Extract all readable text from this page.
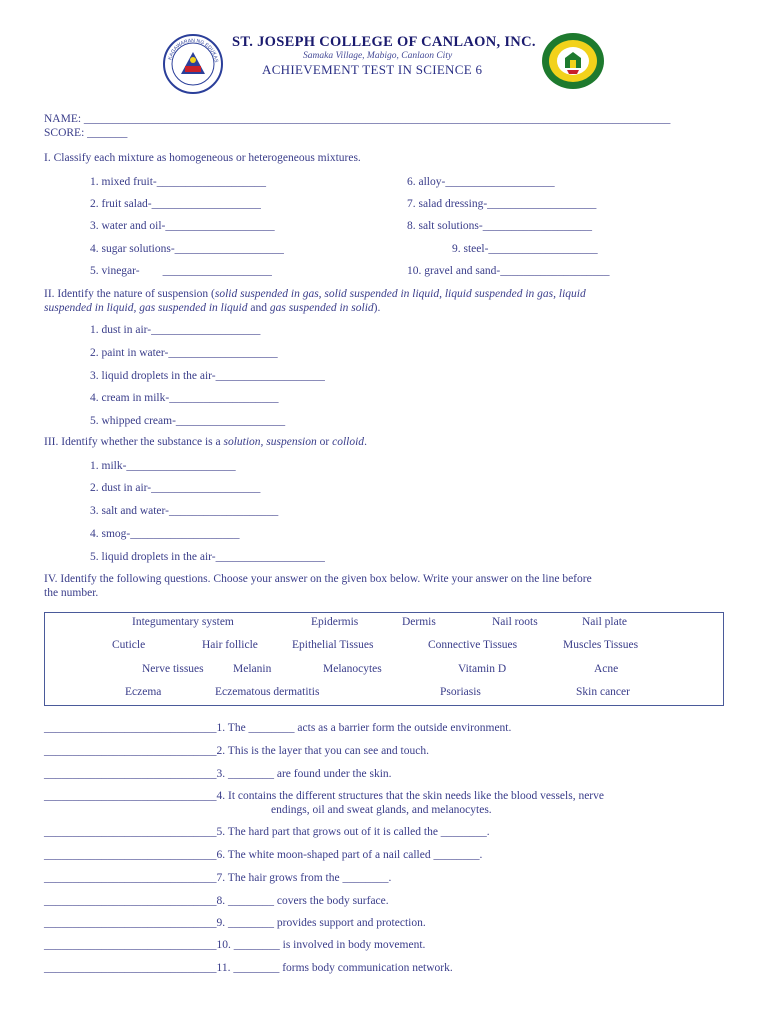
KAGAWARAN NG EDUKAS
ST. JOSEPH COLLEGE OF CANLAON, INC.
Samaka Village, Mabigo, Canlaon City
ACHIEVEMENT TEST IN SCIENCE 6
NAME: ______________________________________________________________________________________________________
SCORE: _______
I. Classify each mixture as homogeneous or heterogeneous mixtures.
1. mixed fruit-___________________
2. fruit salad-___________________
3. water and oil-___________________
4. sugar solutions-___________________
5. vinegar-        ___________________
6. alloy-___________________
7. salad dressing-___________________
8. salt solutions-___________________
9. steel-___________________
10. gravel and sand-___________________
II. Identify the nature of suspension (solid suspended in gas, solid suspended in liquid, liquid suspended in gas, liquid
suspended in liquid, gas suspended in liquid and gas suspended in solid).
1. dust in air-___________________
2. paint in water-___________________
3. liquid droplets in the air-___________________
4. cream in milk-___________________
5. whipped cream-___________________
III. Identify whether the substance is a solution, suspension or colloid.
1. milk-___________________
2. dust in air-___________________
3. salt and water-___________________
4. smog-___________________
5. liquid droplets in the air-___________________
IV. Identify the following questions. Choose your answer on the given box below. Write your answer on the line before
the number.
Integumentary system	Epidermis	Dermis	Nail roots	Nail plate
Cuticle	Hair follicle	Epithelial Tissues	Connective Tissues	Muscles Tissues
Nerve tissues	Melanin	Melanocytes	Vitamin D	Acne
Eczema	Eczematous dermatitis	Psoriasis	Skin cancer
______________________________1. The ________ acts as a barrier form the outside environment.
______________________________2. This is the layer that you can see and touch.
______________________________3. ________ are found under the skin.
______________________________4. It contains the different structures that the skin needs like the blood vessels, nerve
endings, oil and sweat glands, and melanocytes.
______________________________5. The hard part that grows out of it is called the ________.
______________________________6. The white moon-shaped part of a nail called ________.
______________________________7. The hair grows from the ________.
______________________________8. ________ covers the body surface.
______________________________9. ________ provides support and protection.
______________________________10. ________ is involved in body movement.
______________________________11. ________ forms body communication network.
